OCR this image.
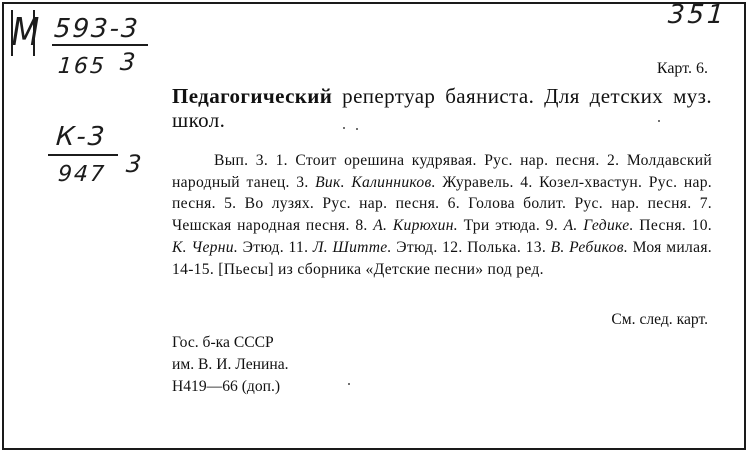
351
М 593-3
165 3
К-3
947 3
Карт. 6.
Педагогический репертуар баяниста. Для детских муз. школ.

Вып. 3. 1. Стоит орешина кудрявая. Рус. нар. песня. 2. Молдавский народный танец. 3. Вик. Калинников. Журавель. 4. Козел-хвастун. Рус. нар. песня. 5. Во лузях. Рус. нар. песня. 6. Голова болит. Рус. нар. песня. 7. Чешская народная песня. 8. А. Кирюхин. Три этюда. 9. А. Гедике. Песня. 10. К. Черни. Этюд. 11. Л. Шитте. Этюд. 12. Полька. 13. В. Ребиков. Моя милая. 14-15. [Пьесы] из сборника «Детские песни» под ред.

См. след. карт.
Гос. б-ка СССР
им. В. И. Ленина.
Н419—66 (доп.)
